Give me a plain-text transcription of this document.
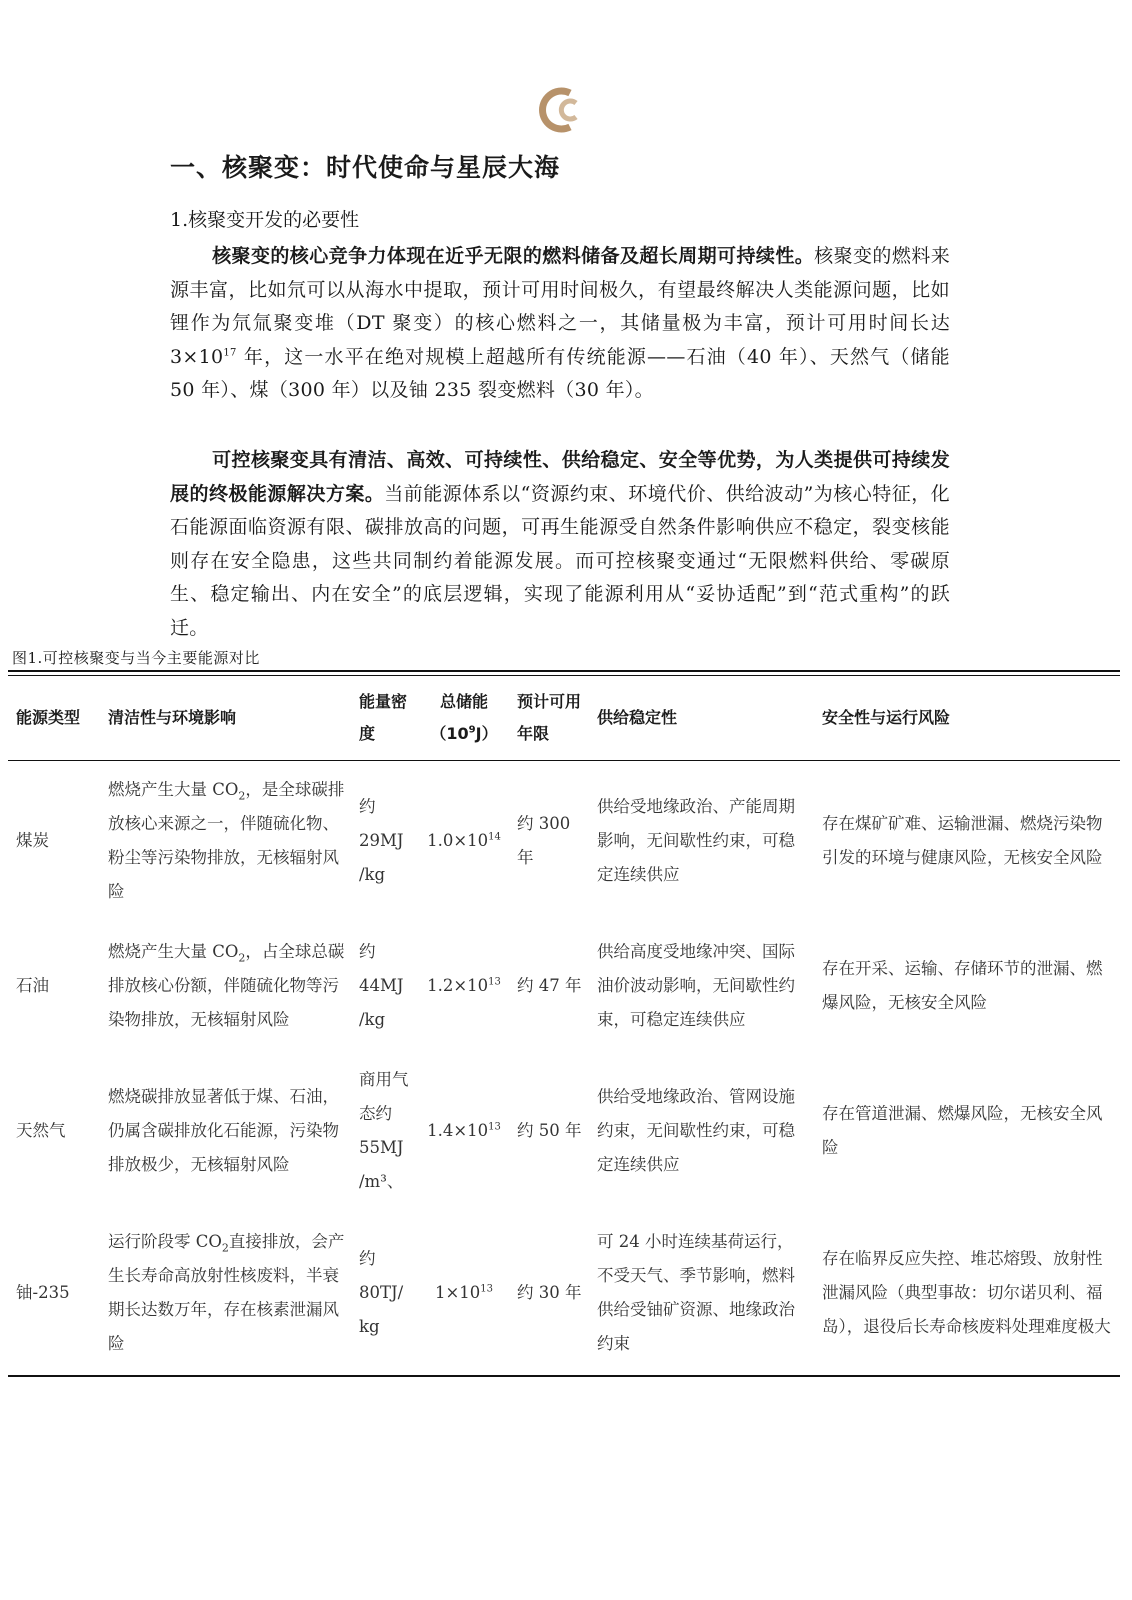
一、核聚变：时代使命与星辰大海
1.核聚变开发的必要性
核聚变的核心竞争力体现在近乎无限的燃料储备及超长周期可持续性。核聚变的燃料来源丰富，比如氘可以从海水中提取，预计可用时间极久，有望最终解决人类能源问题，比如锂作为氘氚聚变堆（DT 聚变）的核心燃料之一，其储量极为丰富，预计可用时间长达 $3\times 10^{17}$ 年，这一水平在绝对规模上超越所有传统能源——石油（40 年）、天然气（储能 50 年）、煤（300 年）以及铀 235 裂变燃料（30 年）。
可控核聚变具有清洁、高效、可持续性、供给稳定、安全等优势，为人类提供可持续发展的终极能源解决方案。当前能源体系以“资源约束、环境代价、供给波动”为核心特征，化石能源面临资源有限、碳排放高的问题，可再生能源受自然条件影响供应不稳定，裂变核能则存在安全隐患，这些共同制约着能源发展。而可控核聚变通过“无限燃料供给、零碳原生、稳定输出、内在安全”的底层逻辑，实现了能源利用从“妥协适配”到“范式重构”的跃迁。
图1.可控核聚变与当今主要能源对比
能源类型	清洁性与环境影响	能量密度	总储能$(10^9J)$	预计可用年限	供给稳定性	安全性与运行风险
煤炭	燃烧产生大量 $CO_2$，是全球碳排放核心来源之一，伴随硫化物、粉尘等污染物排放，无核辐射风险	约 29MJ /kg	$1.0\times 10^{14}$	约 300 年	供给受地缘政治、产能周期影响，无间歇性约束，可稳定连续供应	存在煤矿矿难、运输泄漏、燃烧污染物引发的环境与健康风险，无核安全风险
石油	燃烧产生大量 $CO_2$，占全球总碳排放核心份额，伴随硫化物等污染物排放，无核辐射风险	约 44MJ /kg	$1.2\times 10^{13}$	约 47 年	供给高度受地缘冲突、国际油价波动影响，无间歇性约束，可稳定连续供应	存在开采、运输、存储环节的泄漏、燃爆风险，无核安全风险
天然气	燃烧碳排放显著低于煤、石油，仍属含碳排放化石能源，污染物排放极少，无核辐射风险	商用气态约 55MJ /m³、	$1.4\times 10^{13}$	约 50 年	供给受地缘政治、管网设施约束，无间歇性约束，可稳定连续供应	存在管道泄漏、燃爆风险，无核安全风险
铀-235	运行阶段零 $CO_2$直接排放，会产生长寿命高放射性核废料，半衰期长达数万年，存在核素泄漏风险	约 80TJ/ kg	$1\times 10^{13}$	约 30 年	可 24 小时连续基荷运行，不受天气、季节影响，燃料供给受铀矿资源、地缘政治约束	存在临界反应失控、堆芯熔毁、放射性泄漏风险（典型事故：切尔诺贝利、福岛），退役后长寿命核废料处理难度极大
